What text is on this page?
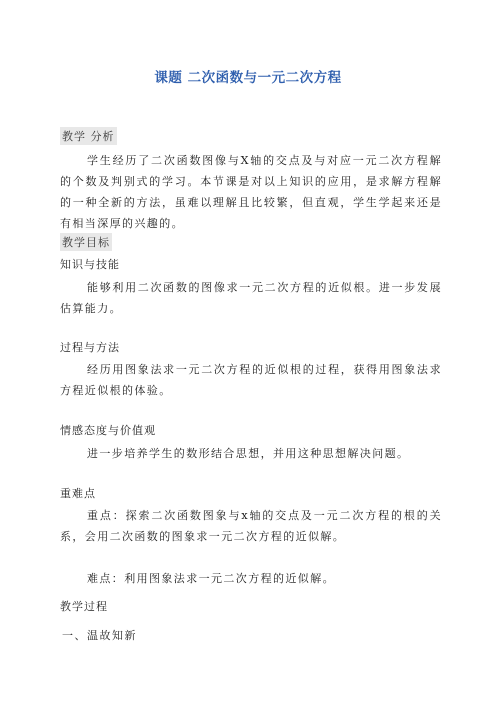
课题 二次函数与一元二次方程
教学 分析
学生经历了二次函数图像与X轴的交点及与对应一元二次方程解的个数及判别式的学习。本节课是对以上知识的应用，是求解方程解的一种全新的方法，虽难以理解且比较繁，但直观，学生学起来还是有相当深厚的兴趣的。
教学目标
知识与技能
能够利用二次函数的图像求一元二次方程的近似根。进一步发展估算能力。
过程与方法
经历用图象法求一元二次方程的近似根的过程，获得用图象法求方程近似根的体验。
情感态度与价值观
进一步培养学生的数形结合思想，并用这种思想解决问题。
重难点
重点：探索二次函数图象与x轴的交点及一元二次方程的根的关系，会用二次函数的图象求一元二次方程的近似解。
难点：利用图象法求一元二次方程的近似解。
教学过程
一、温故知新
